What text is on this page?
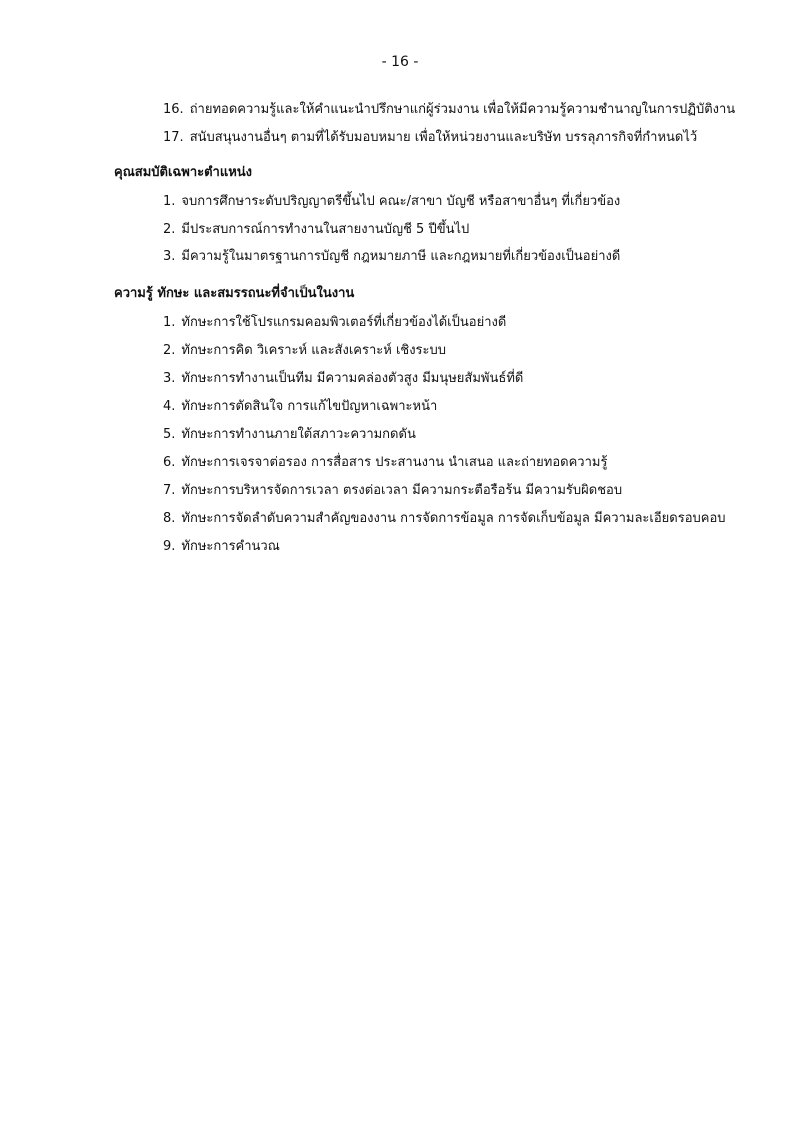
- 16 -
16. ถ่ายทอดความรู้และให้คำแนะนำปรึกษาแก่ผู้ร่วมงาน เพื่อให้มีความรู้ความชำนาญในการปฏิบัติงาน
17. สนับสนุนงานอื่นๆ ตามที่ได้รับมอบหมาย เพื่อให้หน่วยงานและบริษัท บรรลุภารกิจที่กำหนดไว้
คุณสมบัติเฉพาะตำแหน่ง
1. จบการศึกษาระดับปริญญาตรีขึ้นไป คณะ/สาขา บัญชี หรือสาขาอื่นๆ ที่เกี่ยวข้อง
2. มีประสบการณ์การทำงานในสายงานบัญชี 5 ปีขึ้นไป
3. มีความรู้ในมาตรฐานการบัญชี กฎหมายภาษี และกฎหมายที่เกี่ยวข้องเป็นอย่างดี
ความรู้ ทักษะ และสมรรถนะที่จำเป็นในงาน
1. ทักษะการใช้โปรแกรมคอมพิวเตอร์ที่เกี่ยวข้องได้เป็นอย่างดี
2. ทักษะการคิด วิเคราะห์ และสังเคราะห์ เชิงระบบ
3. ทักษะการทำงานเป็นทีม มีความคล่องตัวสูง มีมนุษยสัมพันธ์ที่ดี
4. ทักษะการตัดสินใจ การแก้ไขปัญหาเฉพาะหน้า
5. ทักษะการทำงานภายใต้สภาวะความกดดัน
6. ทักษะการเจรจาต่อรอง การสื่อสาร ประสานงาน นำเสนอ และถ่ายทอดความรู้
7. ทักษะการบริหารจัดการเวลา ตรงต่อเวลา มีความกระตือรือร้น มีความรับผิดชอบ
8. ทักษะการจัดลำดับความสำคัญของงาน การจัดการข้อมูล การจัดเก็บข้อมูล มีความละเอียดรอบคอบ
9. ทักษะการคำนวณ
